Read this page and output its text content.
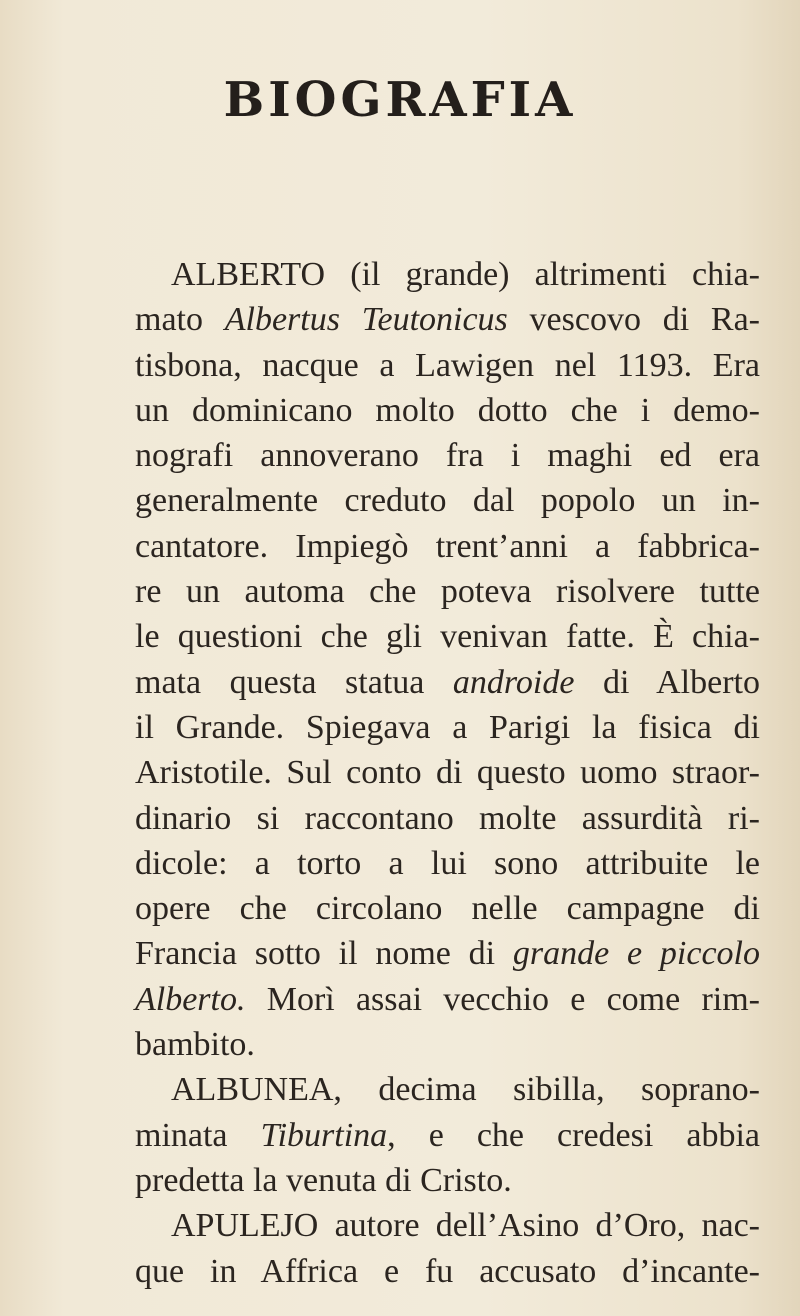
BIOGRAFIA
ALBERTO (il grande) altrimenti chia-
mato Albertus Teutonicus vescovo di Ra-
tisbona, nacque a Lawigen nel 1193. Era
un dominicano molto dotto che i demo-
nografi annoverano fra i maghi ed era
generalmente creduto dal popolo un in-
cantatore. Impiegò trent’anni a fabbrica-
re un automa che poteva risolvere tutte
le questioni che gli venivan fatte. È chia-
mata questa statua androide di Alberto
il Grande. Spiegava a Parigi la fisica di
Aristotile. Sul conto di questo uomo straor-
dinario si raccontano molte assurdità ri-
dicole: a torto a lui sono attribuite le
opere che circolano nelle campagne di
Francia sotto il nome di grande e piccolo
Alberto. Morì assai vecchio e come rim-
bambito.
ALBUNEA, decima sibilla, soprano-
minata Tiburtina, e che credesi abbia
predetta la venuta di Cristo.
APULEJO autore dell’Asino d’Oro, nac-
que in Affrica e fu accusato d’incante-
